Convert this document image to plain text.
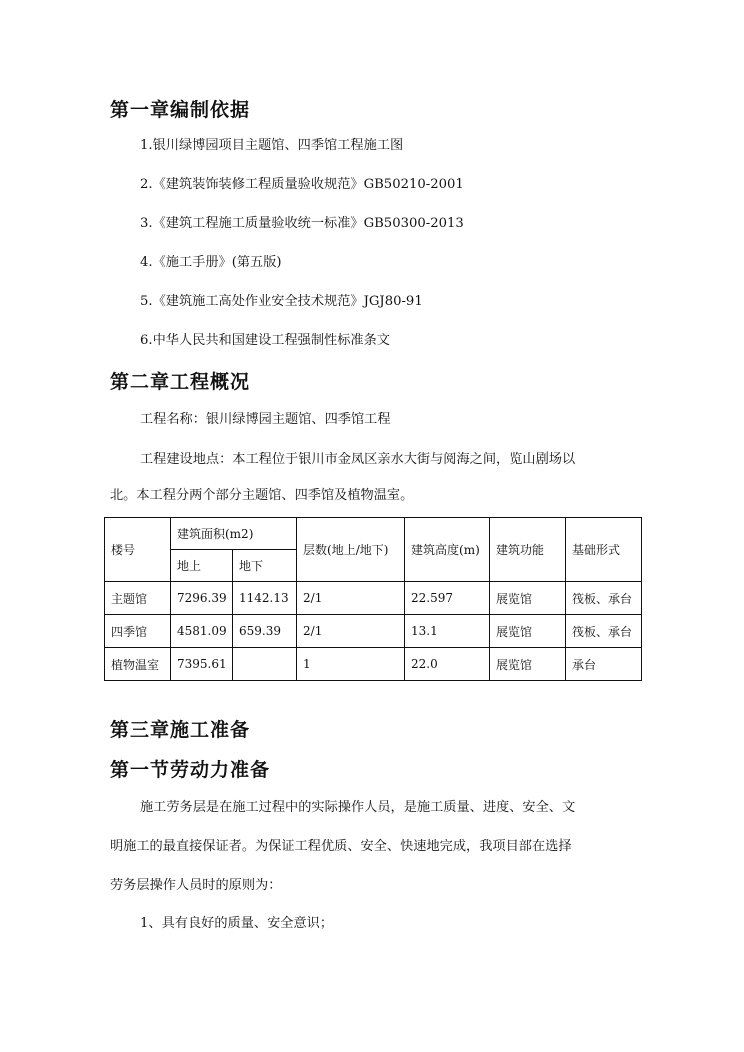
第一章编制依据

1.银川绿博园项目主题馆、四季馆工程施工图

2.《建筑装饰装修工程质量验收规范》GB50210-2001

3.《建筑工程施工质量验收统一标准》GB50300-2013

4.《施工手册》(第五版)

5.《建筑施工高处作业安全技术规范》JGJ80-91

6.中华人民共和国建设工程强制性标准条文

第二章工程概况

工程名称：银川绿博园主题馆、四季馆工程

工程建设地点：本工程位于银川市金凤区亲水大街与阅海之间，览山剧场以

北。本工程分两个部分主题馆、四季馆及植物温室。

楼号	建筑面积(m2)		层数(地上/地下)	建筑高度(m)	建筑功能	基础形式
	地上	地下				
主题馆	7296.39	1142.13	2/1	22.597	展览馆	筏板、承台
四季馆	4581.09	659.39	2/1	13.1	展览馆	筏板、承台
植物温室	7395.61		1	22.0	展览馆	承台
第三章施工准备
第一节劳动力准备

施工劳务层是在施工过程中的实际操作人员，是施工质量、进度、安全、文

明施工的最直接保证者。为保证工程优质、安全、快速地完成，我项目部在选择

劳务层操作人员时的原则为：

1、具有良好的质量、安全意识；
